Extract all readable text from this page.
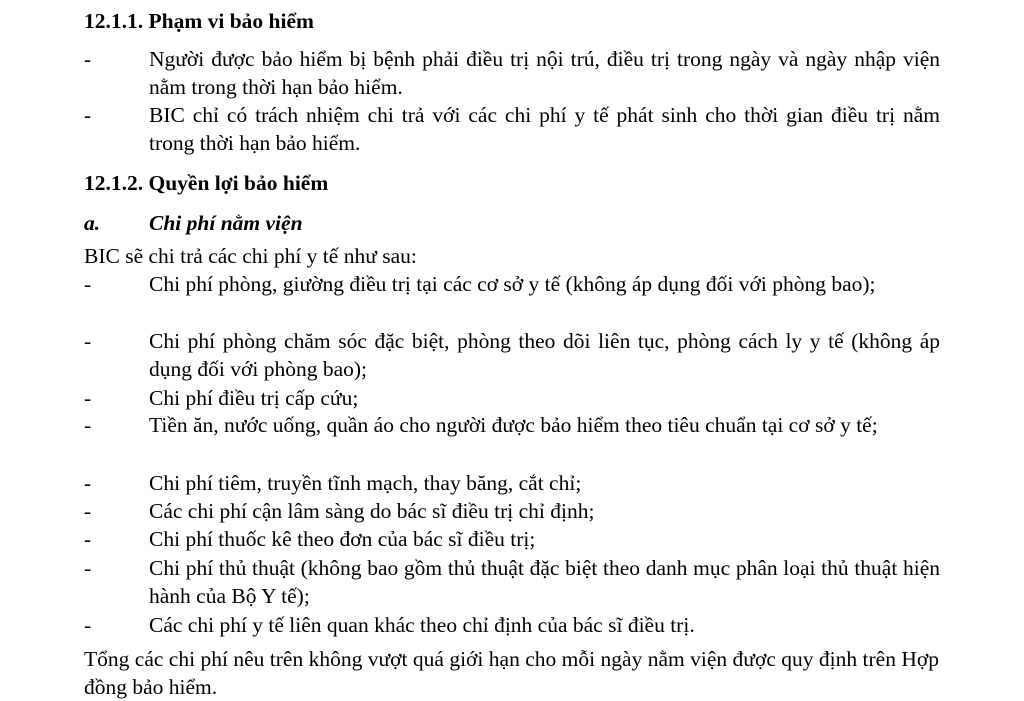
12.1.1. Phạm vi bảo hiểm
-	Người được bảo hiểm bị bệnh phải điều trị nội trú, điều trị trong ngày và ngày nhập viện nằm trong thời hạn bảo hiểm.
-	BIC chỉ có trách nhiệm chi trả với các chi phí y tế phát sinh cho thời gian điều trị nằm trong thời hạn bảo hiểm.
12.1.2. Quyền lợi bảo hiểm
a. Chi phí nằm viện
BIC sẽ chi trả các chi phí y tế như sau:
-	Chi phí phòng, giường điều trị tại các cơ sở y tế (không áp dụng đối với phòng bao);
-	Chi phí phòng chăm sóc đặc biệt, phòng theo dõi liên tục, phòng cách ly y tế (không áp dụng đối với phòng bao);
-	Chi phí điều trị cấp cứu;
-	Tiền ăn, nước uống, quần áo cho người được bảo hiểm theo tiêu chuẩn tại cơ sở y tế;
-	Chi phí tiêm, truyền tĩnh mạch, thay băng, cắt chỉ;
-	Các chi phí cận lâm sàng do bác sĩ điều trị chỉ định;
-	Chi phí thuốc kê theo đơn của bác sĩ điều trị;
-	Chi phí thủ thuật (không bao gồm thủ thuật đặc biệt theo danh mục phân loại thủ thuật hiện hành của Bộ Y tế);
-	Các chi phí y tế liên quan khác theo chỉ định của bác sĩ điều trị.
Tổng các chi phí nêu trên không vượt quá giới hạn cho mỗi ngày nằm viện được quy định trên Hợp đồng bảo hiểm.
